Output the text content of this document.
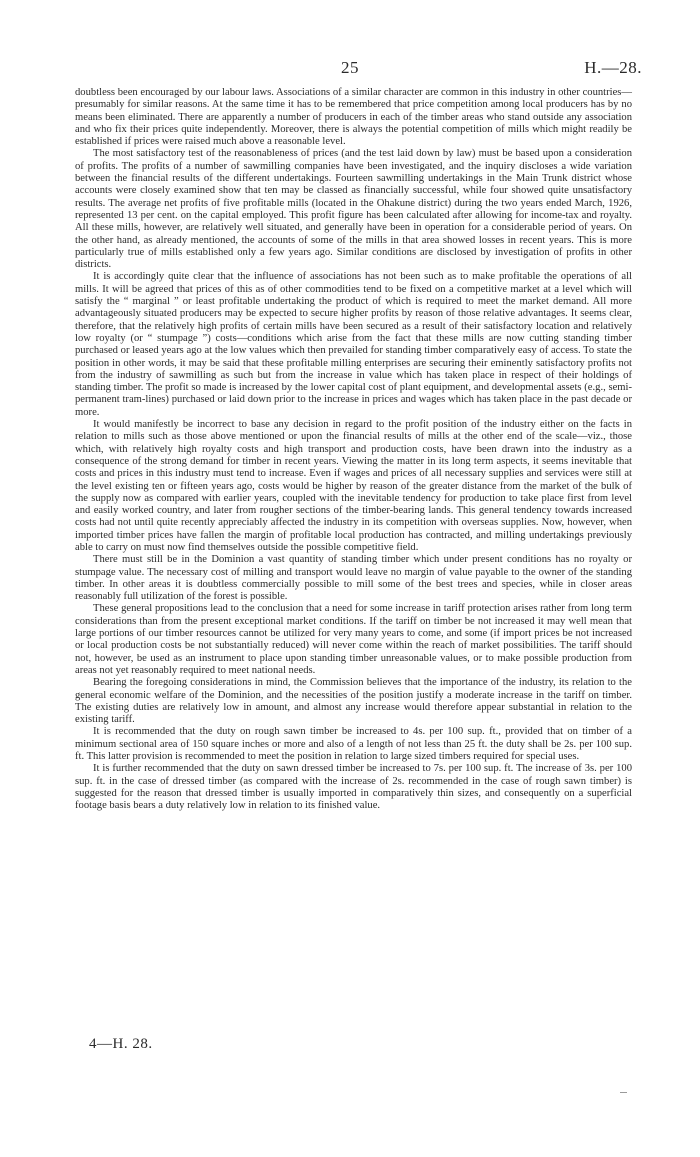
25	H.—28.

doubtless been encouraged by our labour laws. Associations of a similar character are common in this industry in other countries—presumably for similar reasons. At the same time it has to be remembered that price competition among local producers has by no means been eliminated. There are apparently a number of producers in each of the timber areas who stand outside any association and who fix their prices quite independently. Moreover, there is always the potential competition of mills which might readily be established if prices were raised much above a reasonable level.

The most satisfactory test of the reasonableness of prices (and the test laid down by law) must be based upon a consideration of profits. The profits of a number of sawmilling companies have been investigated, and the inquiry discloses a wide variation between the financial results of the different undertakings. Fourteen sawmilling undertakings in the Main Trunk district whose accounts were closely examined show that ten may be classed as financially successful, while four showed quite unsatisfactory results. The average net profits of five profitable mills (located in the Ohakune district) during the two years ended March, 1926, represented 13 per cent. on the capital employed. This profit figure has been calculated after allowing for income-tax and royalty. All these mills, however, are relatively well situated, and generally have been in operation for a considerable period of years. On the other hand, as already mentioned, the accounts of some of the mills in that area showed losses in recent years. This is more particularly true of mills established only a few years ago. Similar conditions are disclosed by investigation of profits in other districts.

It is accordingly quite clear that the influence of associations has not been such as to make profitable the operations of all mills. It will be agreed that prices of this as of other commodities tend to be fixed on a competitive market at a level which will satisfy the “ marginal ” or least profitable undertaking the product of which is required to meet the market demand. All more advantageously situated producers may be expected to secure higher profits by reason of those relative advantages. It seems clear, therefore, that the relatively high profits of certain mills have been secured as a result of their satisfactory location and relatively low royalty (or “ stumpage ”) costs—conditions which arise from the fact that these mills are now cutting standing timber purchased or leased years ago at the low values which then prevailed for standing timber comparatively easy of access. To state the position in other words, it may be said that these profitable milling enterprises are securing their eminently satisfactory profits not from the industry of sawmilling as such but from the increase in value which has taken place in respect of their holdings of standing timber. The profit so made is increased by the lower capital cost of plant equipment, and developmental assets (e.g., semi-permanent tram-lines) purchased or laid down prior to the increase in prices and wages which has taken place in the past decade or more.

It would manifestly be incorrect to base any decision in regard to the profit position of the industry either on the facts in relation to mills such as those above mentioned or upon the financial results of mills at the other end of the scale—viz., those which, with relatively high royalty costs and high transport and production costs, have been drawn into the industry as a consequence of the strong demand for timber in recent years. Viewing the matter in its long term aspects, it seems inevitable that costs and prices in this industry must tend to increase. Even if wages and prices of all necessary supplies and services were still at the level existing ten or fifteen years ago, costs would be higher by reason of the greater distance from the market of the bulk of the supply now as compared with earlier years, coupled with the inevitable tendency for production to take place first from level and easily worked country, and later from rougher sections of the timber-bearing lands. This general tendency towards increased costs had not until quite recently appreciably affected the industry in its competition with overseas supplies. Now, however, when imported timber prices have fallen the margin of profitable local production has contracted, and milling undertakings previously able to carry on must now find themselves outside the possible competitive field.

There must still be in the Dominion a vast quantity of standing timber which under present conditions has no royalty or stumpage value. The necessary cost of milling and transport would leave no margin of value payable to the owner of the standing timber. In other areas it is doubtless commercially possible to mill some of the best trees and species, while in closer areas reasonably full utilization of the forest is possible.

These general propositions lead to the conclusion that a need for some increase in tariff protection arises rather from long term considerations than from the present exceptional market conditions. If the tariff on timber be not increased it may well mean that large portions of our timber resources cannot be utilized for very many years to come, and some (if import prices be not increased or local production costs be not substantially reduced) will never come within the reach of market possibilities. The tariff should not, however, be used as an instrument to place upon standing timber unreasonable values, or to make possible production from areas not yet reasonably required to meet national needs.

Bearing the foregoing considerations in mind, the Commission believes that the importance of the industry, its relation to the general economic welfare of the Dominion, and the necessities of the position justify a moderate increase in the tariff on timber. The existing duties are relatively low in amount, and almost any increase would therefore appear substantial in relation to the existing tariff.

It is recommended that the duty on rough sawn timber be increased to 4s. per 100 sup. ft., provided that on timber of a minimum sectional area of 150 square inches or more and also of a length of not less than 25 ft. the duty shall be 2s. per 100 sup. ft. This latter provision is recommended to meet the position in relation to large sized timbers required for special uses.

It is further recommended that the duty on sawn dressed timber be increased to 7s. per 100 sup. ft. The increase of 3s. per 100 sup. ft. in the case of dressed timber (as compared with the increase of 2s. recommended in the case of rough sawn timber) is suggested for the reason that dressed timber is usually imported in comparatively thin sizes, and consequently on a superficial footage basis bears a duty relatively low in relation to its finished value.

4—H. 28.
